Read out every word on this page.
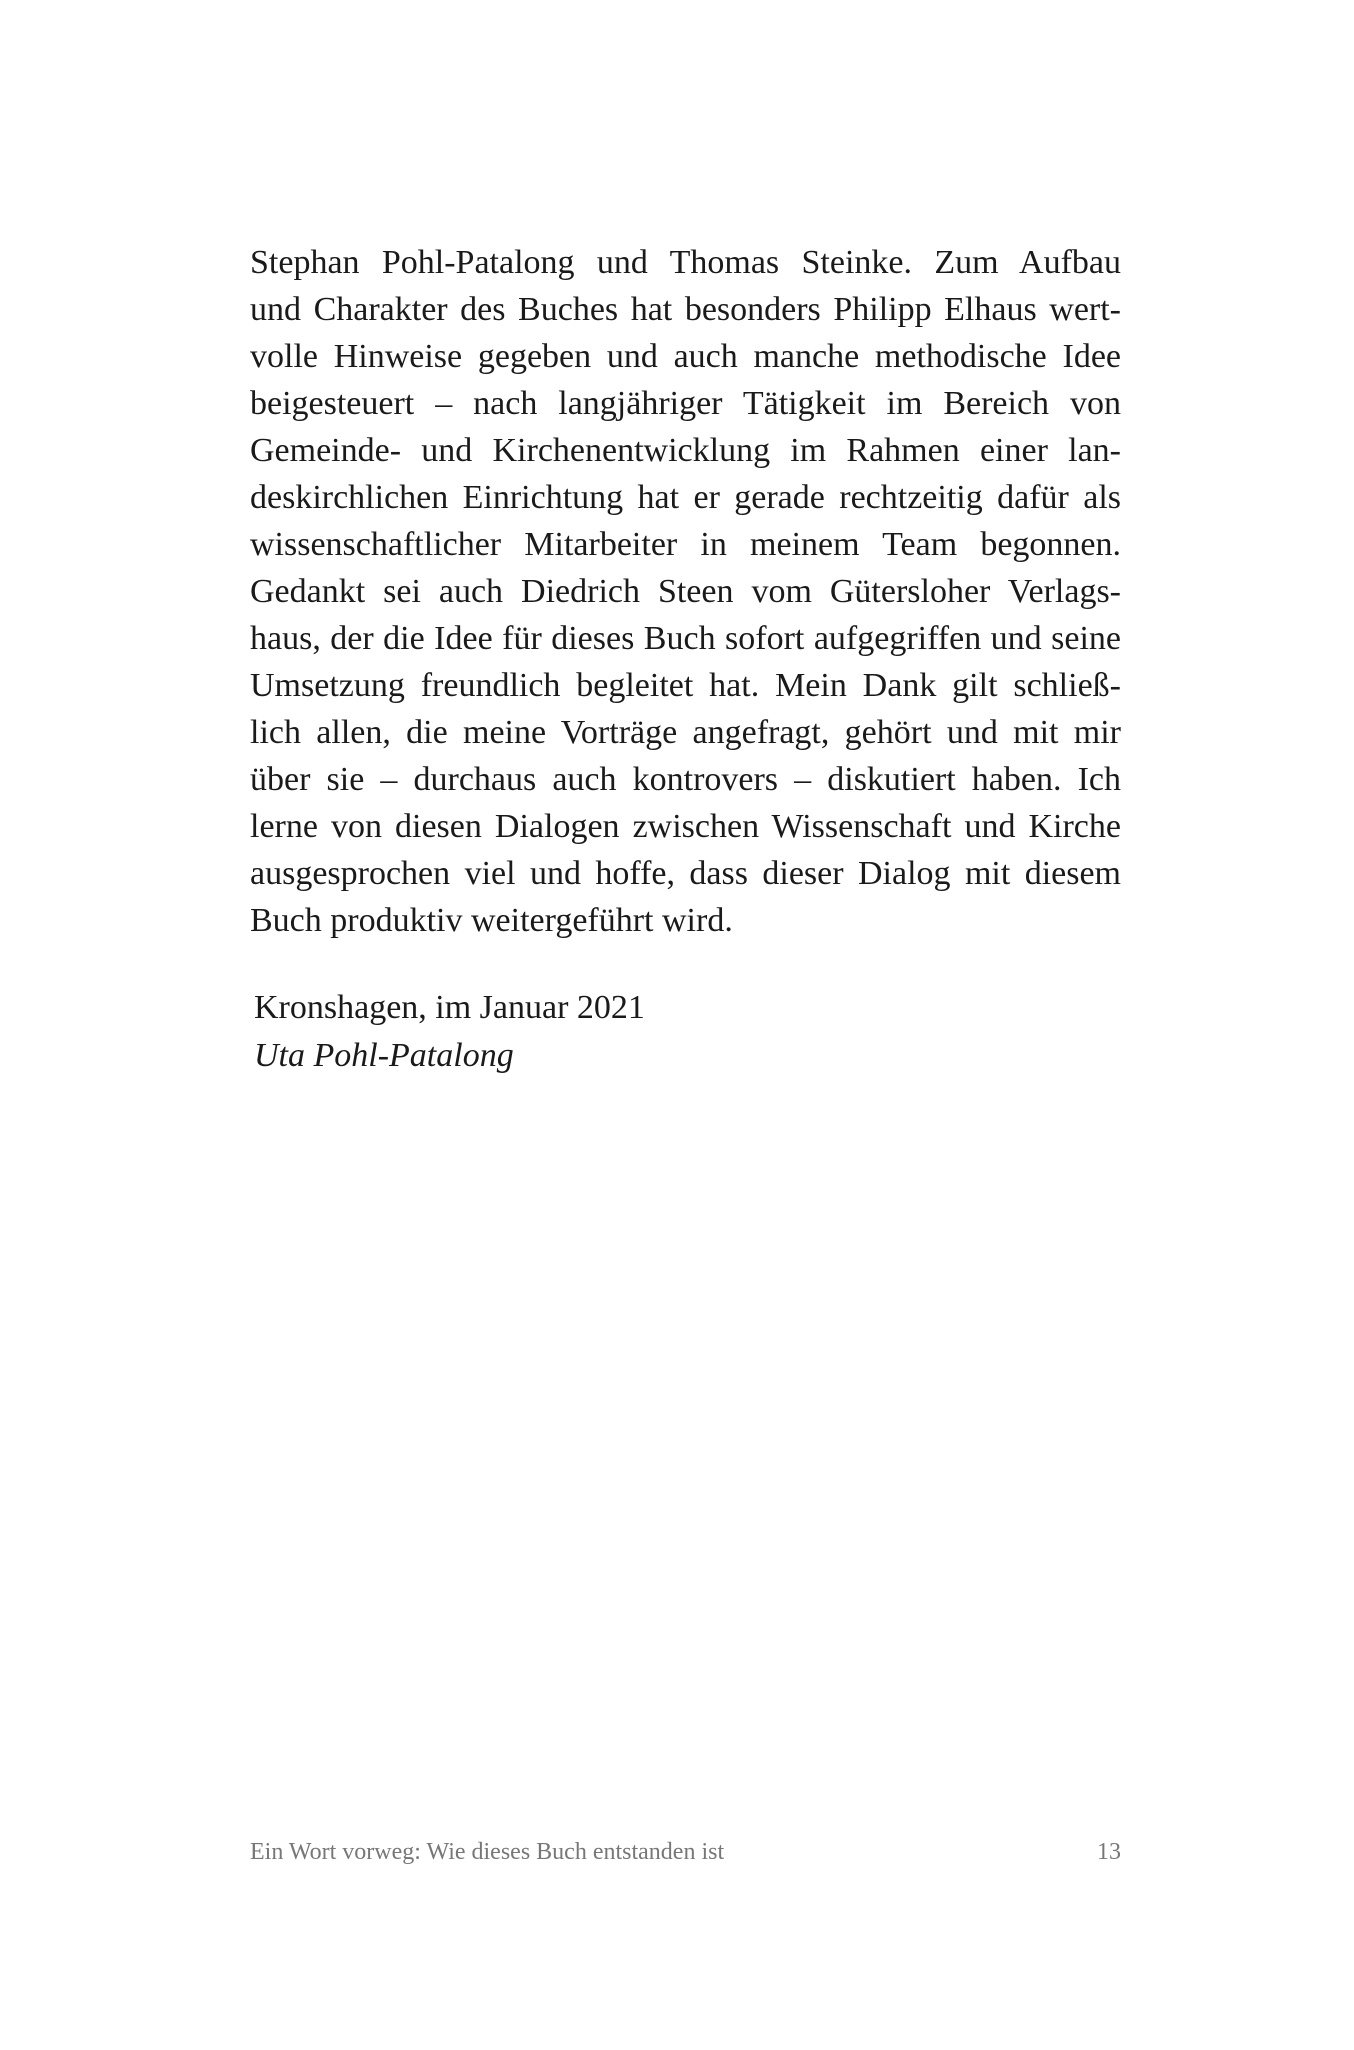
Stephan Pohl-Patalong und Thomas Steinke. Zum Aufbau
und Charakter des Buches hat besonders Philipp Elhaus wert-
volle Hinweise gegeben und auch manche methodische Idee
beigesteuert – nach langjähriger Tätigkeit im Bereich von
Gemeinde- und Kirchenentwicklung im Rahmen einer lan-
deskirchlichen Einrichtung hat er gerade rechtzeitig dafür als
wissenschaftlicher Mitarbeiter in meinem Team begonnen.
Gedankt sei auch Diedrich Steen vom Gütersloher Verlags-
haus, der die Idee für dieses Buch sofort aufgegriffen und seine
Umsetzung freundlich begleitet hat. Mein Dank gilt schließ-
lich allen, die meine Vorträge angefragt, gehört und mit mir
über sie – durchaus auch kontrovers – diskutiert haben. Ich
lerne von diesen Dialogen zwischen Wissenschaft und Kirche
ausgesprochen viel und hoffe, dass dieser Dialog mit diesem
Buch produktiv weitergeführt wird.
Kronshagen, im Januar 2021
Uta Pohl-Patalong
Ein Wort vorweg: Wie dieses Buch entstanden ist	13
